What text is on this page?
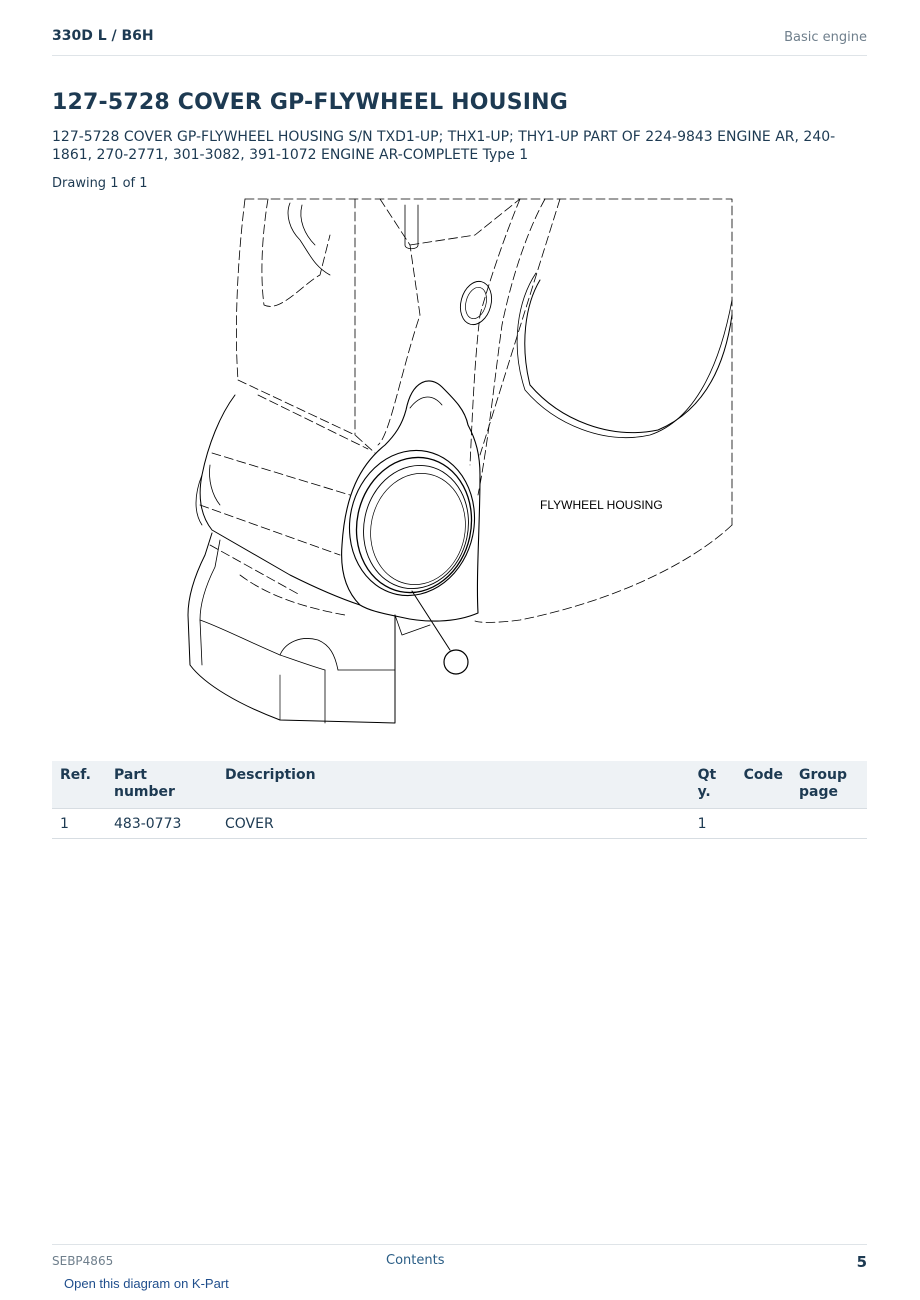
330D L / B6H	Basic engine
127-5728 COVER GP-FLYWHEEL HOUSING
127-5728 COVER GP-FLYWHEEL HOUSING S/N TXD1-UP; THX1-UP; THY1-UP PART OF 224-9843 ENGINE AR, 240-1861, 270-2771, 301-3082, 391-1072 ENGINE AR-COMPLETE Type 1
Drawing 1 of 1
FLYWHEEL HOUSING
Ref.	Part number	Description	Qty.	Code	Group page
1	483-0773	COVER	1		
SEBP4865	Contents	5
Open this diagram on K-Part
